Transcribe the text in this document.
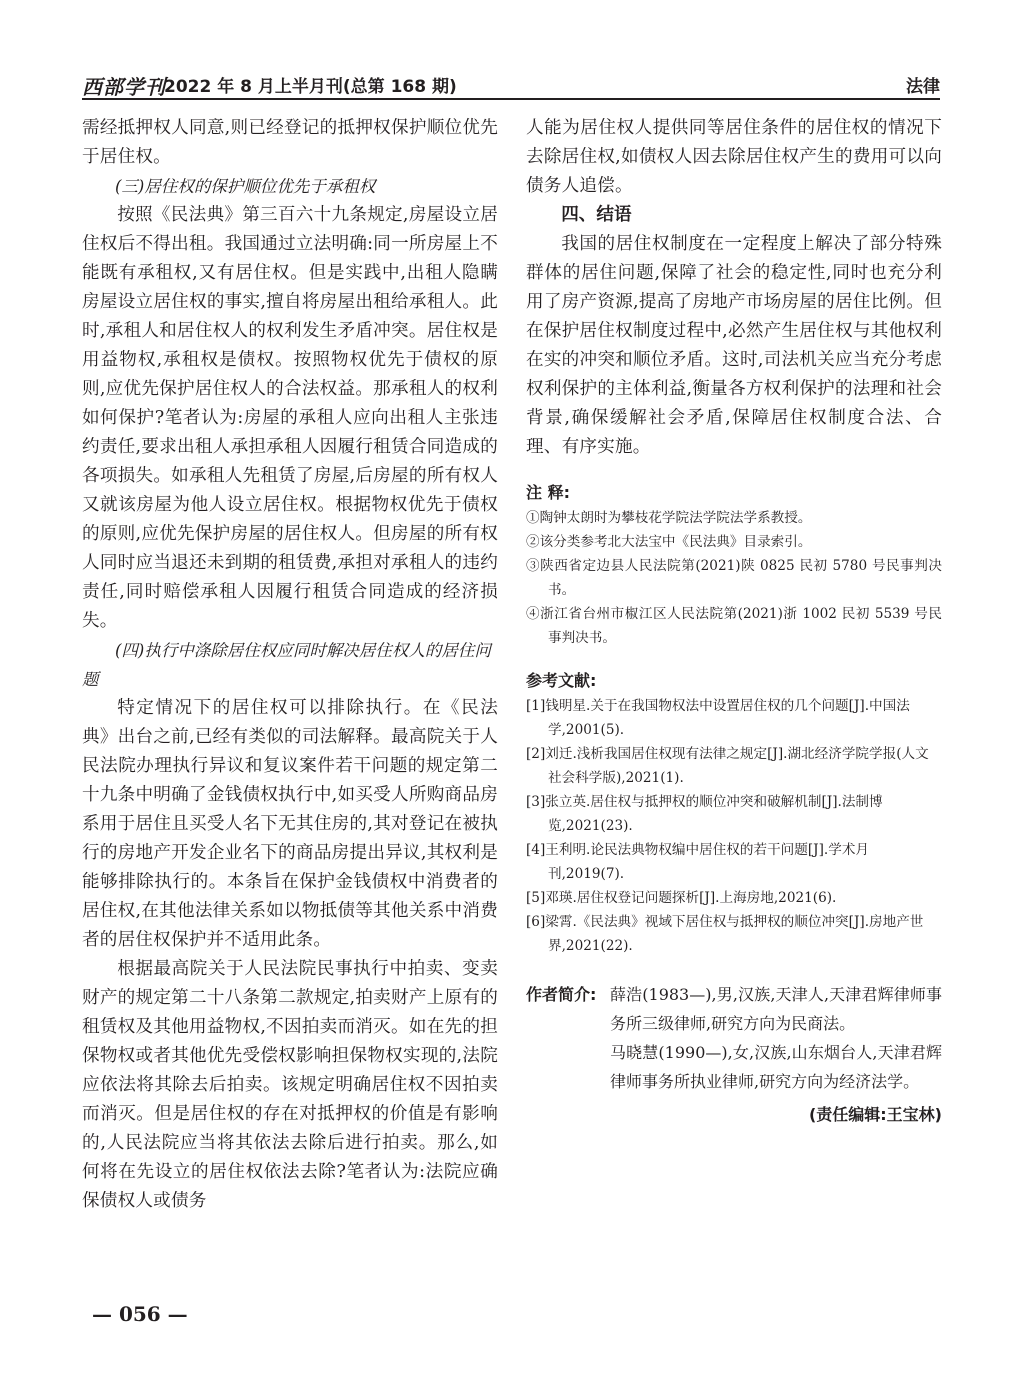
西部学刊
2022 年 8 月上半月刊(总第 168 期)	法律

需经抵押权人同意,则已经登记的抵押权保护顺位优先于居住权。

(三)居住权的保护顺位优先于承租权

按照《民法典》第三百六十九条规定,房屋设立居住权后不得出租。我国通过立法明确:同一所房屋上不能既有承租权,又有居住权。但是实践中,出租人隐瞒房屋设立居住权的事实,擅自将房屋出租给承租人。此时,承租人和居住权人的权利发生矛盾冲突。居住权是用益物权,承租权是债权。按照物权优先于债权的原则,应优先保护居住权人的合法权益。那承租人的权利如何保护?笔者认为:房屋的承租人应向出租人主张违约责任,要求出租人承担承租人因履行租赁合同造成的各项损失。如承租人先租赁了房屋,后房屋的所有权人又就该房屋为他人设立居住权。根据物权优先于债权的原则,应优先保护房屋的居住权人。但房屋的所有权人同时应当退还未到期的租赁费,承担对承租人的违约责任,同时赔偿承租人因履行租赁合同造成的经济损失。

(四)执行中涤除居住权应同时解决居住权人的居住问题

特定情况下的居住权可以排除执行。在《民法典》出台之前,已经有类似的司法解释。最高院关于人民法院办理执行异议和复议案件若干问题的规定第二十九条中明确了金钱债权执行中,如买受人所购商品房系用于居住且买受人名下无其住房的,其对登记在被执行的房地产开发企业名下的商品房提出异议,其权利是能够排除执行的。本条旨在保护金钱债权中消费者的居住权,在其他法律关系如以物抵债等其他关系中消费者的居住权保护并不适用此条。

根据最高院关于人民法院民事执行中拍卖、变卖财产的规定第二十八条第二款规定,拍卖财产上原有的租赁权及其他用益物权,不因拍卖而消灭。如在先的担保物权或者其他优先受偿权影响担保物权实现的,法院应依法将其除去后拍卖。该规定明确居住权不因拍卖而消灭。但是居住权的存在对抵押权的价值是有影响的,人民法院应当将其依法去除后进行拍卖。那么,如何将在先设立的居住权依法去除?笔者认为:法院应确保债权人或债务

人能为居住权人提供同等居住条件的居住权的情况下去除居住权,如债权人因去除居住权产生的费用可以向债务人追偿。

四、结语

我国的居住权制度在一定程度上解决了部分特殊群体的居住问题,保障了社会的稳定性,同时也充分利用了房产资源,提高了房地产市场房屋的居住比例。但在保护居住权制度过程中,必然产生居住权与其他权利在实的冲突和顺位矛盾。这时,司法机关应当充分考虑权利保护的主体利益,衡量各方权利保护的法理和社会背景,确保缓解社会矛盾,保障居住权制度合法、合理、有序实施。

注 释:
①陶钟太朗时为攀枝花学院法学院法学系教授。
②该分类参考北大法宝中《民法典》目录索引。
③陕西省定边县人民法院第(2021)陕 0825 民初 5780 号民事判决书。
④浙江省台州市椒江区人民法院第(2021)浙 1002 民初 5539 号民事判决书。
参考文献:
[1]钱明星.关于在我国物权法中设置居住权的几个问题[J].中国法学,2001(5).
[2]刘迁.浅析我国居住权现有法律之规定[J].湖北经济学院学报(人文社会科学版),2021(1).
[3]张立英.居住权与抵押权的顺位冲突和破解机制[J].法制博览,2021(23).
[4]王利明.论民法典物权编中居住权的若干问题[J].学术月刊,2019(7).
[5]邓瑛.居住权登记问题探析[J].上海房地,2021(6).
[6]梁霄.《民法典》视域下居住权与抵押权的顺位冲突[J].房地产世界,2021(22).
作者简介: 薛浩(1983—),男,汉族,天津人,天津君辉律师事务所三级律师,研究方向为民商法。

马晓慧(1990—),女,汉族,山东烟台人,天津君辉律师事务所执业律师,研究方向为经济法学。

(责任编辑:王宝林)
— 056 —
